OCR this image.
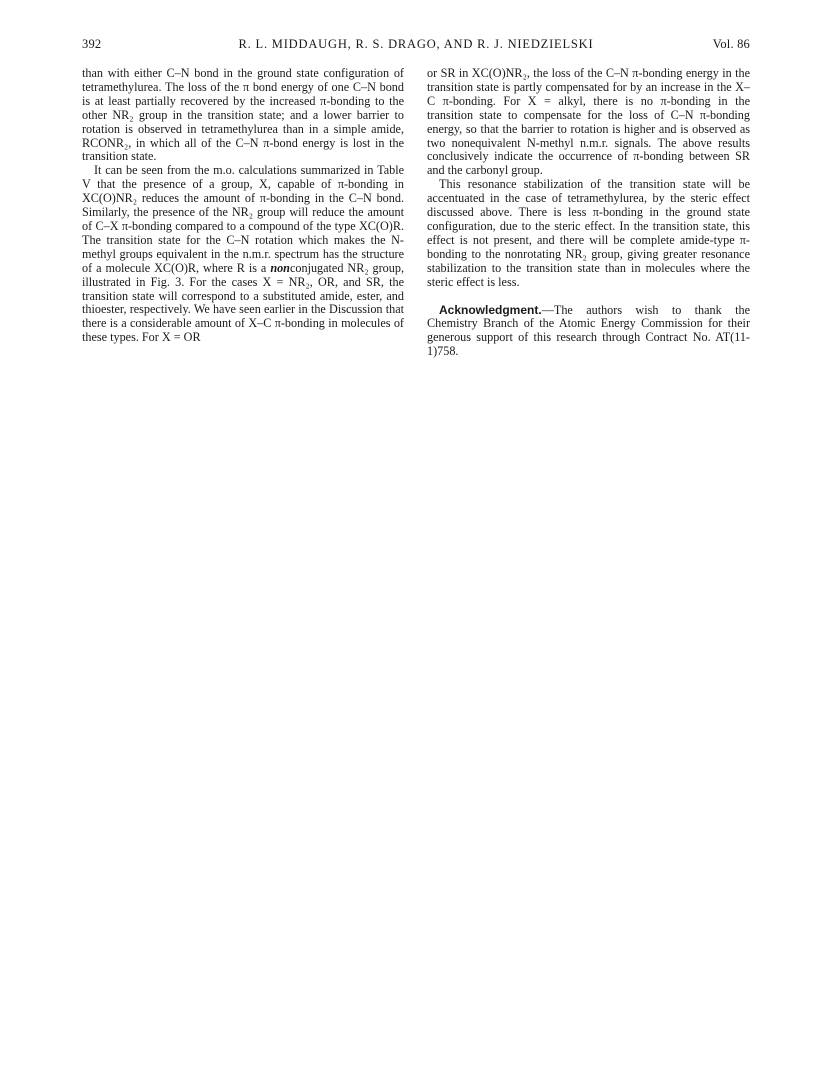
392	R. L. MIDDAUGH, R. S. DRAGO, AND R. J. NIEDZIELSKI	Vol. 86

than with either C–N bond in the ground state configuration of tetramethylurea. The loss of the π bond energy of one C–N bond is at least partially recovered by the increased π-bonding to the other NR₂ group in the transition state; and a lower barrier to rotation is observed in tetramethylurea than in a simple amide, RCONR₂, in which all of the C–N π-bond energy is lost in the transition state.

It can be seen from the m.o. calculations summarized in Table V that the presence of a group, X, capable of π-bonding in XC(O)NR₂ reduces the amount of π-bonding in the C–N bond. Similarly, the presence of the NR₂ group will reduce the amount of C–X π-bonding compared to a compound of the type XC(O)R. The transition state for the C–N rotation which makes the N-methyl groups equivalent in the n.m.r. spectrum has the structure of a molecule XC(O)R, where R is a nonconjugated NR₂ group, illustrated in Fig. 3. For the cases X = NR₂, OR, and SR, the transition state will correspond to a substituted amide, ester, and thioester, respectively. We have seen earlier in the Discussion that there is a considerable amount of X–C π-bonding in molecules of these types. For X = OR

or SR in XC(O)NR₂, the loss of the C–N π-bonding energy in the transition state is partly compensated for by an increase in the X–C π-bonding. For X = alkyl, there is no π-bonding in the transition state to compensate for the loss of C–N π-bonding energy, so that the barrier to rotation is higher and is observed as two nonequivalent N-methyl n.m.r. signals. The above results conclusively indicate the occurrence of π-bonding between SR and the carbonyl group.

This resonance stabilization of the transition state will be accentuated in the case of tetramethylurea, by the steric effect discussed above. There is less π-bonding in the ground state configuration, due to the steric effect. In the transition state, this effect is not present, and there will be complete amide-type π-bonding to the nonrotating NR₂ group, giving greater resonance stabilization to the transition state than in molecules where the steric effect is less.

Acknowledgment.—The authors wish to thank the Chemistry Branch of the Atomic Energy Commission for their generous support of this research through Contract No. AT(11-1)758.
